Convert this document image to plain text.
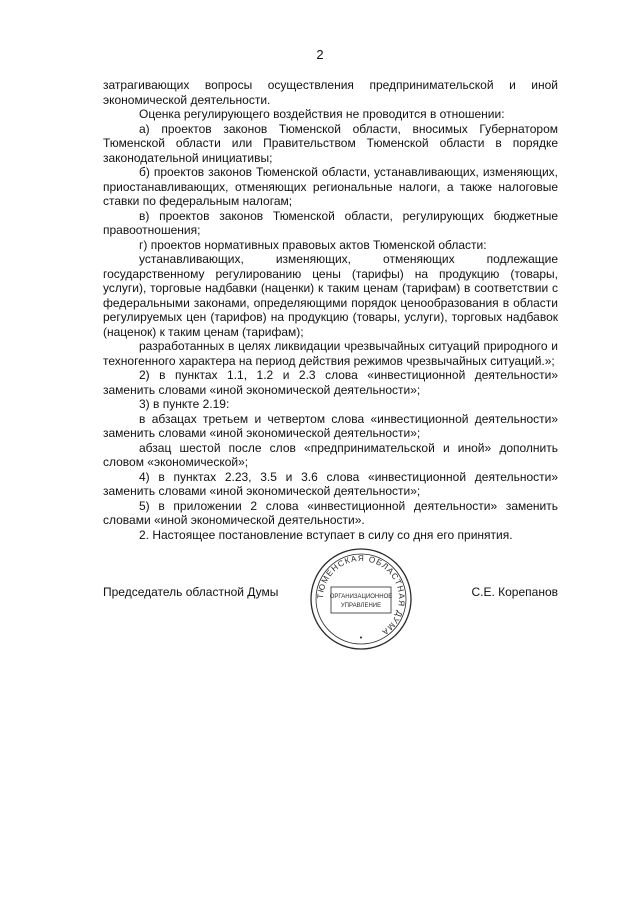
2

затрагивающих вопросы осуществления предпринимательской и иной экономической деятельности.

Оценка регулирующего воздействия не проводится в отношении:

а) проектов законов Тюменской области, вносимых Губернатором Тюменской области или Правительством Тюменской области в порядке законодательной инициативы;

б) проектов законов Тюменской области, устанавливающих, изменяющих, приостанавливающих, отменяющих региональные налоги, а также налоговые ставки по федеральным налогам;

в) проектов законов Тюменской области, регулирующих бюджетные правоотношения;

г) проектов нормативных правовых актов Тюменской области:

устанавливающих, изменяющих, отменяющих подлежащие государственному регулированию цены (тарифы) на продукцию (товары, услуги), торговые надбавки (наценки) к таким ценам (тарифам) в соответствии с федеральными законами, определяющими порядок ценообразования в области регулируемых цен (тарифов) на продукцию (товары, услуги), торговых надбавок (наценок) к таким ценам (тарифам);

разработанных в целях ликвидации чрезвычайных ситуаций природного и техногенного характера на период действия режимов чрезвычайных ситуаций.»;

2) в пунктах 1.1, 1.2 и 2.3 слова «инвестиционной деятельности» заменить словами «иной экономической деятельности»;

3) в пункте 2.19:

в абзацах третьем и четвертом слова «инвестиционной деятельности» заменить словами «иной экономической деятельности»;

абзац шестой после слов «предпринимательской и иной» дополнить словом «экономической»;

4) в пунктах 2.23, 3.5 и 3.6 слова «инвестиционной деятельности» заменить словами «иной экономической деятельности»;

5) в приложении 2 слова «инвестиционной деятельности» заменить словами «иной экономической деятельности».

2. Настоящее постановление вступает в силу со дня его принятия.

Председатель областной Думы	С.Е. Корепанов
ТЮМЕНСКАЯ ОБЛАСТНАЯ ДУМА
ОРГАНИЗАЦИОННОЕ
УПРАВЛЕНИЕ
•
